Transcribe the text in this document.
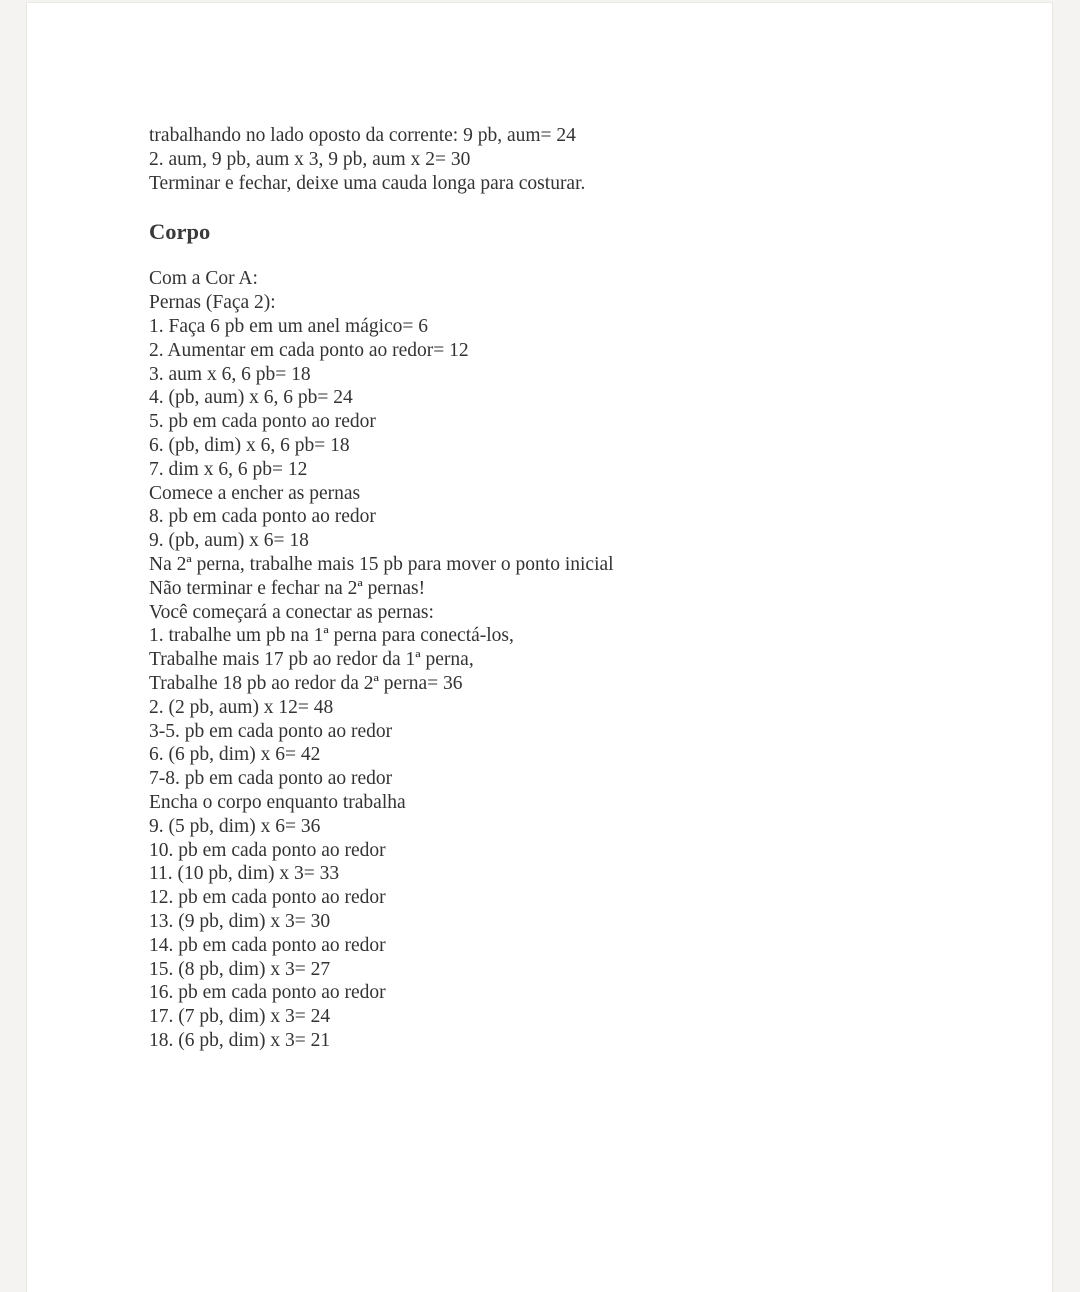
trabalhando no lado oposto da corrente: 9 pb, aum= 24
2. aum, 9 pb, aum x 3, 9 pb, aum x 2= 30
Terminar e fechar, deixe uma cauda longa para costurar.
Corpo
Com a Cor A:
Pernas (Faça 2):
1. Faça 6 pb em um anel mágico= 6
2. Aumentar em cada ponto ao redor= 12
3. aum x 6, 6 pb= 18
4. (pb, aum) x 6, 6 pb= 24
5. pb em cada ponto ao redor
6. (pb, dim) x 6, 6 pb= 18
7. dim x 6, 6 pb= 12
Comece a encher as pernas
8. pb em cada ponto ao redor
9. (pb, aum) x 6= 18
Na 2ª perna, trabalhe mais 15 pb para mover o ponto inicial
Não terminar e fechar na 2ª pernas!
Você começará a conectar as pernas:
1. trabalhe um pb na 1ª perna para conectá-los,
Trabalhe mais 17 pb ao redor da 1ª perna,
Trabalhe 18 pb ao redor da 2ª perna= 36
2. (2 pb, aum) x 12= 48
3-5. pb em cada ponto ao redor
6. (6 pb, dim) x 6= 42
7-8. pb em cada ponto ao redor
Encha o corpo enquanto trabalha
9. (5 pb, dim) x 6= 36
10. pb em cada ponto ao redor
11. (10 pb, dim) x 3= 33
12. pb em cada ponto ao redor
13. (9 pb, dim) x 3= 30
14. pb em cada ponto ao redor
15. (8 pb, dim) x 3= 27
16. pb em cada ponto ao redor
17. (7 pb, dim) x 3= 24
18. (6 pb, dim) x 3= 21
